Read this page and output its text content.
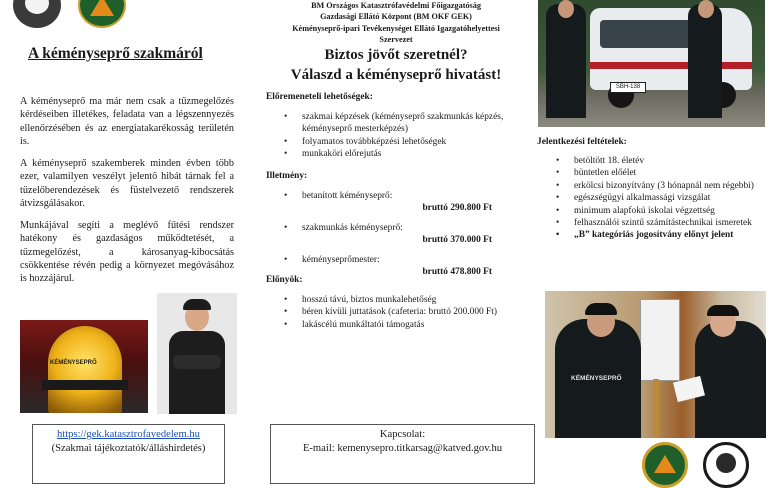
A kéményseprő szakmáról

A kéményseprő ma már nem csak a tűzmegelőzés kérdéseiben illetékes, feladata van a légszennyezés ellenőrzésében és az energiatakarékosság területén is.

A kéményseprő szakemberek minden évben több ezer, valamilyen veszélyt jelentő hibát tárnak fel a tüzelőberendezések és füstelvezető rendszerek átvizsgálásakor.

Munkájával segíti a meglévő fűtési rendszer hatékony és gazdaságos működtetését, a tűzmegelőzést, a károsanyag-kibocsátás csökkentése révén pedig a környezet megóvásához is hozzájárul.

KÉMÉNYSEPRŐ
https://gek.katasztrofavedelem.hu
(Szakmai tájékoztatók/álláshirdetés)
BM Országos Katasztrófavédelmi Főigazgatóság
Gazdasági Ellátó Központ (BM OKF GEK)
Kéményseprő-ipari Tevékenységet Ellátó Igazgatóhelyettesi
Szervezet
Biztos jövőt szeretnél?
Válaszd a kéményseprő hivatást!
Előremeneteli lehetőségek:
• szakmai képzések (kéményseprő szakmunkás képzés, kéményseprő mesterképzés)
• folyamatos továbbképzési lehetőségek
• munkaköri előrejutás
Illetmény:
• betanított kéményseprő:
bruttó 290.800 Ft
• szakmunkás kéményseprő:
bruttó 370.000 Ft
• kéményseprőmester:
bruttó 478.800 Ft
Előnyök:
• hosszú távú, biztos munkalehetőség
• béren kívüli juttatások (cafeteria: bruttó 200.000 Ft)
• lakáscélú munkáltatói támogatás
Kapcsolat:
E-mail: kemenysepro.titkarsag@katved.gov.hu
SBH-138
Jelentkezési feltételek:
• betöltött 18. életév
• büntetlen előélet
• erkölcsi bizonyítvány (3 hónapnál nem régebbi)
• egészségügyi alkalmassági vizsgálat
• minimum alapfokú iskolai végzettség
• felhasználói szintű számítástechnikai ismeretek
• „B” kategóriás jogosítvány előnyt jelent
KÉMÉNYSEPRŐ
